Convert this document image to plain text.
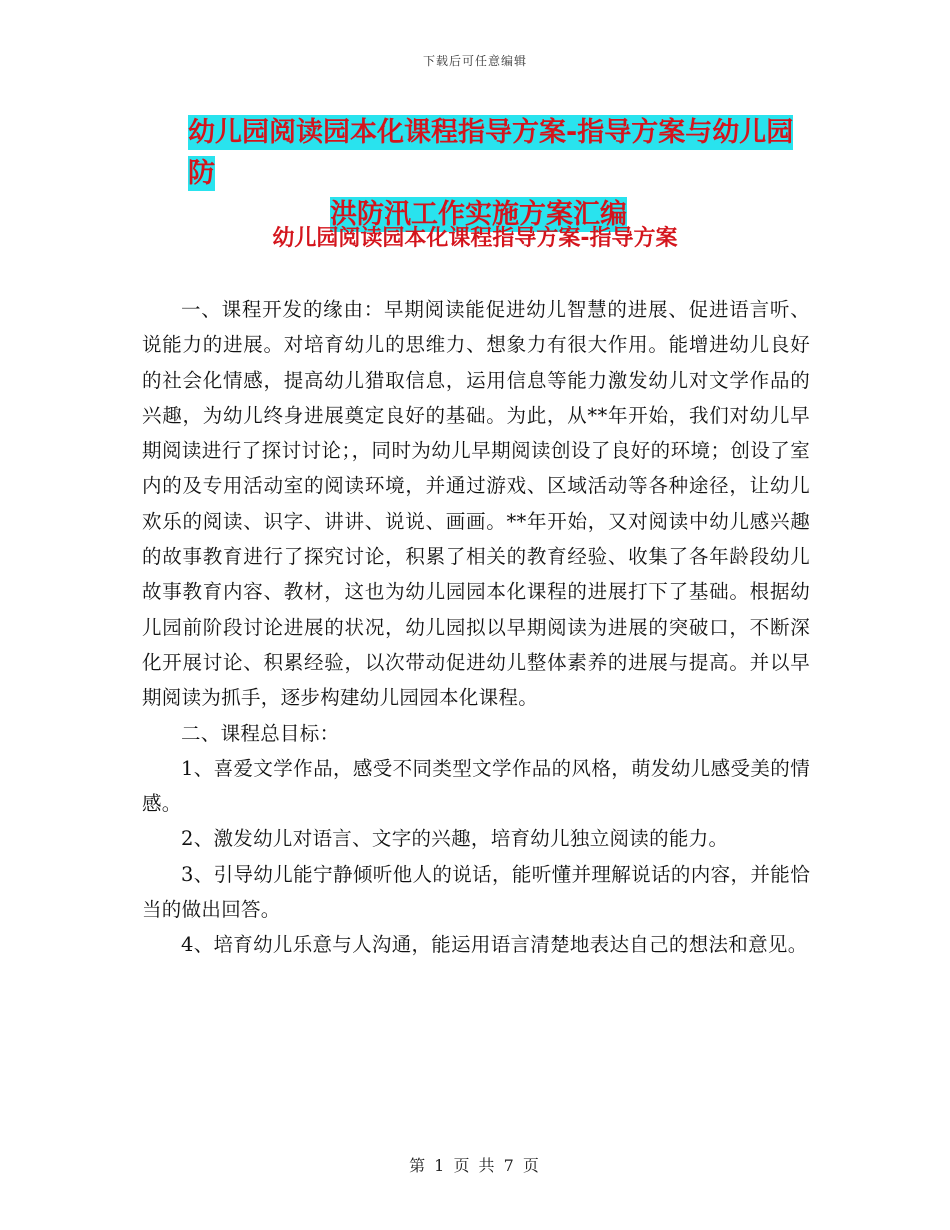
下载后可任意编辑
幼儿园阅读园本化课程指导方案-指导方案与幼儿园防
洪防汛工作实施方案汇编
幼儿园阅读园本化课程指导方案-指导方案

一、课程开发的缘由：早期阅读能促进幼儿智慧的进展、促进语言听、说能力的进展。对培育幼儿的思维力、想象力有很大作用。能增进幼儿良好的社会化情感，提高幼儿猎取信息，运用信息等能力激发幼儿对文学作品的兴趣，为幼儿终身进展奠定良好的基础。为此，从**年开始，我们对幼儿早期阅读进行了探讨讨论；，同时为幼儿早期阅读创设了良好的环境；创设了室内的及专用活动室的阅读环境，并通过游戏、区域活动等各种途径，让幼儿欢乐的阅读、识字、讲讲、说说、画画。**年开始，又对阅读中幼儿感兴趣的故事教育进行了探究讨论，积累了相关的教育经验、收集了各年龄段幼儿故事教育内容、教材，这也为幼儿园园本化课程的进展打下了基础。根据幼儿园前阶段讨论进展的状况，幼儿园拟以早期阅读为进展的突破口，不断深化开展讨论、积累经验，以次带动促进幼儿整体素养的进展与提高。并以早期阅读为抓手，逐步构建幼儿园园本化课程。

二、课程总目标：

1、喜爱文学作品，感受不同类型文学作品的风格，萌发幼儿感受美的情感。

2、激发幼儿对语言、文字的兴趣，培育幼儿独立阅读的能力。

3、引导幼儿能宁静倾听他人的说话，能听懂并理解说话的内容，并能恰当的做出回答。

4、培育幼儿乐意与人沟通，能运用语言清楚地表达自己的想法和意见。

第 1 页 共 7 页
